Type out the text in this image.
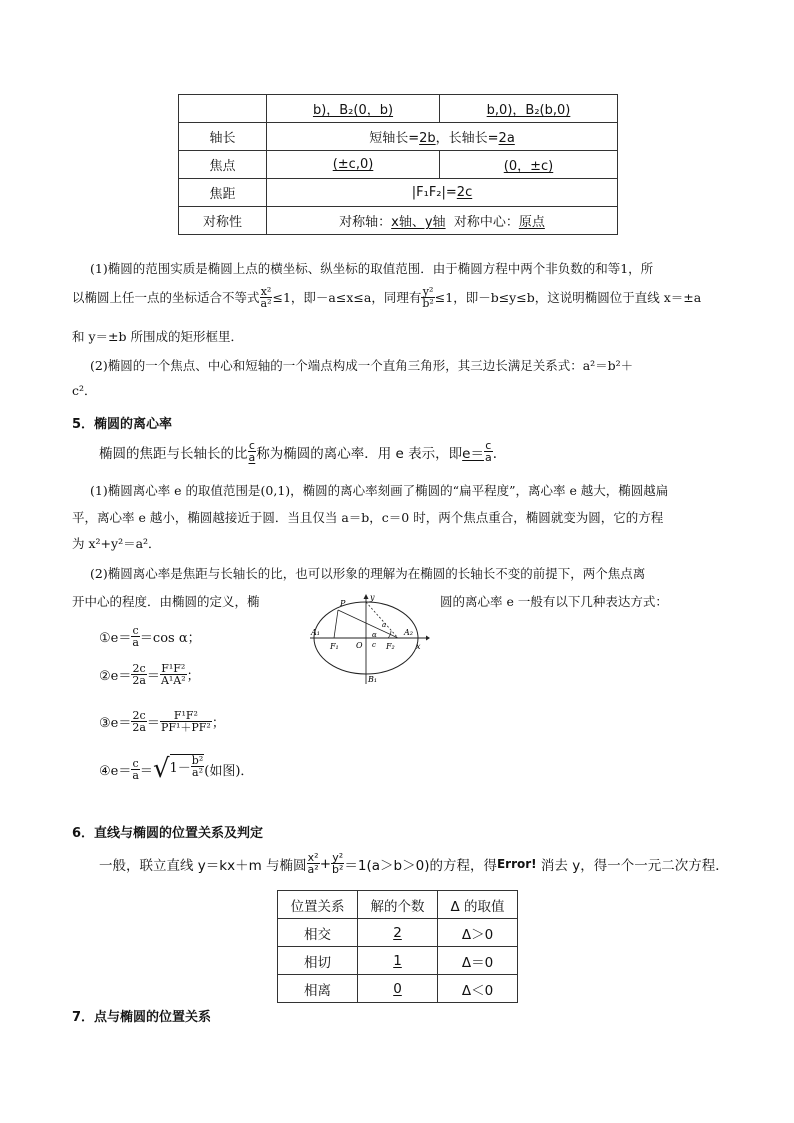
	b)，B₂(0，b)	b,0)，B₂(b,0)
轴长	短轴长=2b，长轴长=2a	
焦点	(±c,0)	(0，±c)
焦距	|F₁F₂|=2c	
对称性	对称轴：x轴、y轴  对称中心：原点	
(1)椭圆的范围实质是椭圆上点的横坐标、纵坐标的取值范围．由于椭圆方程中两个非负数的和等1，所
以椭圆上任一点的坐标适合不等式 $\frac{\text{x²}}{\text{a²}} \le 1$，即－a≤x≤a，同理有 $\frac{\text{y²}}{\text{b²}} \le 1$，即－b≤y≤b，这说明椭圆位于直线 x＝±a
和 y＝±b 所围成的矩形框里．
(2)椭圆的一个焦点、中心和短轴的一个端点构成一个直角三角形，其三边长满足关系式：a²＝b²＋
c²．
5．椭圆的离心率
椭圆的焦距与长轴长的比 $\frac{c}{a}$ 称为椭圆的离心率．用 e 表示，即 $e= \frac{c}{a}$ ．
(1)椭圆离心率 e 的取值范围是(0,1)，椭圆的离心率刻画了椭圆的“扁平程度”，离心率 e 越大，椭圆越扁
平，离心率 e 越小，椭圆越接近于圆．当且仅当 a＝b，c＝0 时，两个焦点重合，椭圆就变为圆，它的方程
为 x²+y²＝a²．
(2)椭圆离心率是焦距与长轴长的比，也可以形象的理解为在椭圆的长轴长不变的前提下，两个焦点离
开中心的程度．由椭圆的定义，椭	圆的离心率 e 一般有以下几种表达方式：
①e＝ $\frac{c}{a} =\cos$ α；
②e＝ $\frac{2c}{2a} = \frac{\text{F¹F²}}{\text{A¹A²}}$ ；
③e＝ $\frac{2c}{2a} = \frac{\text{F¹F²}}{\text{PF¹＋PF²}}$ ；
④e＝ $\frac{c}{a}$ ＝ √ $1- \frac{\text{b²}}{\text{a²}}$ (如图)．
P
y
A₁	A₂
a
α
c
F₁ O	F₂	x
B₁
6．直线与椭圆的位置关系及判定
一般，联立直线 y＝kx＋m 与椭圆 $\frac{\text{x²}}{\text{a²}} + \frac{\text{y²}}{\text{b²}} =1(a>b>0)$的方程，得 Error! 消去 y，得一个一元二次方程．
位置关系	解的个数	Δ 的取值
相交	2	Δ＞0
相切	1	Δ＝0
相离	0	Δ＜0
7．点与椭圆的位置关系
